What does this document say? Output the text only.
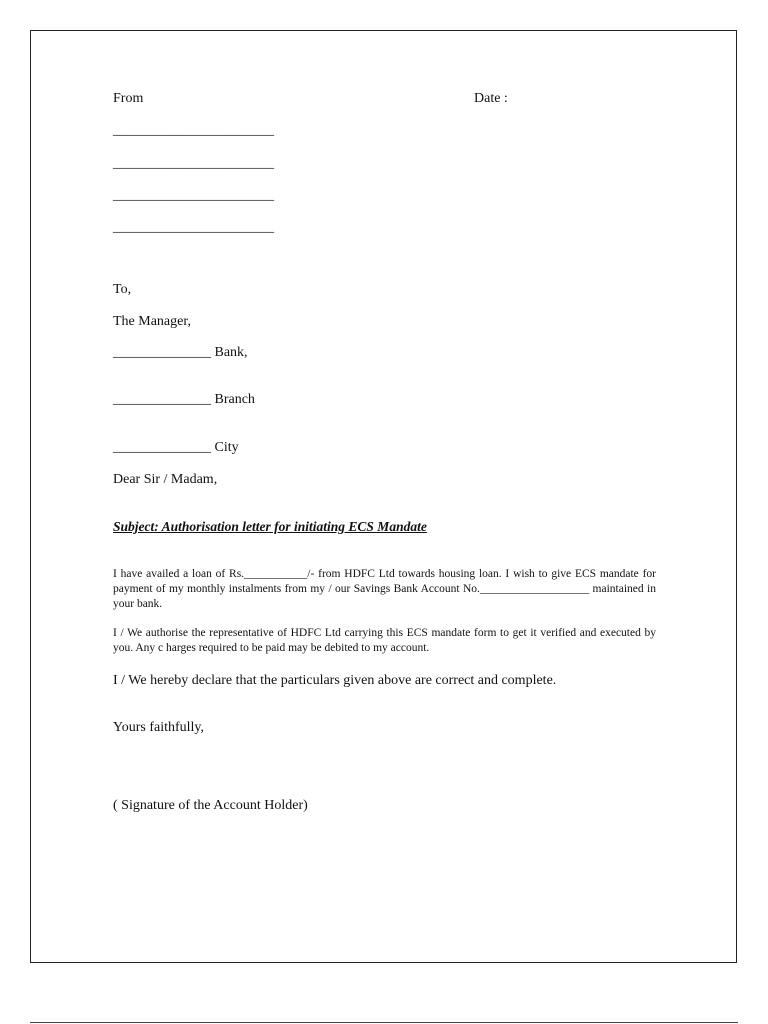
From	Date :
_______________________
_______________________
_______________________
_______________________
To,
The Manager,
______________ Bank,
______________ Branch
______________ City
Dear Sir / Madam,
Subject: Authorisation letter for initiating ECS Mandate
I have availed a loan of Rs.___________/- from HDFC Ltd towards housing loan. I wish to give ECS mandate for payment of my monthly instalments from my / our Savings Bank Account No.___________________ maintained in your bank.
I / We authorise the representative of HDFC Ltd carrying this ECS mandate form to get it verified and executed by you. Any c harges required to be paid may be debited to my account.
I / We hereby declare that the particulars given above are correct and complete.
Yours faithfully,
( Signature of the Account Holder)
